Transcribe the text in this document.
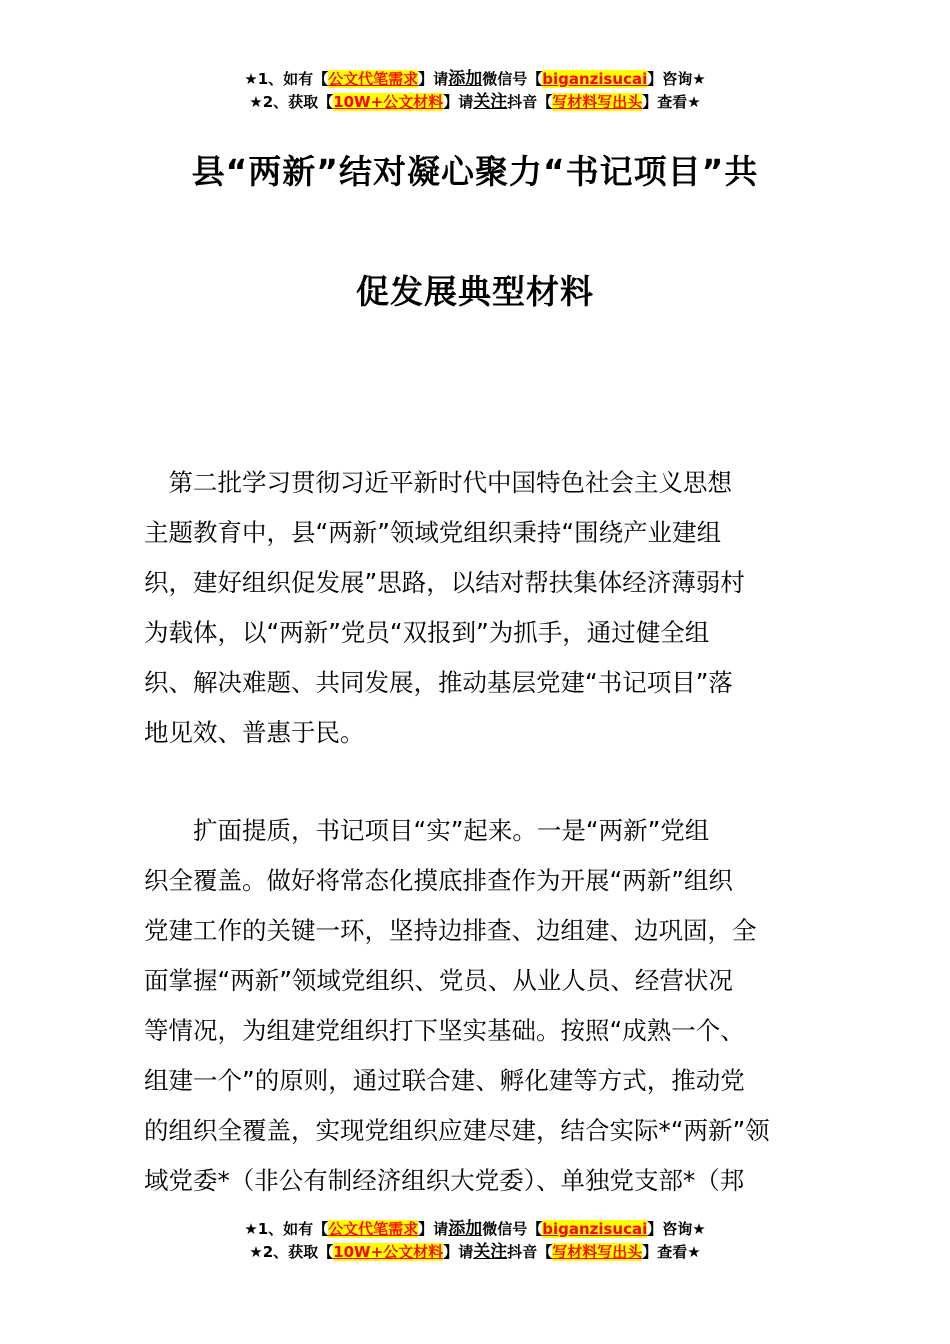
★1、如有【公文代笔需求】请添加微信号【biganzisucai】咨询★
★2、获取【10W+公文材料】请关注抖音【写材料写出头】查看★
县“两新”结对凝心聚力“书记项目”共
促发展典型材料
　第二批学习贯彻习近平新时代中国特色社会主义思想
主题教育中，县“两新”领域党组织秉持“围绕产业建组
织，建好组织促发展”思路，以结对帮扶集体经济薄弱村
为载体，以“两新”党员“双报到”为抓手，通过健全组
织、解决难题、共同发展，推动基层党建“书记项目”落
地见效、普惠于民。
　　扩面提质，书记项目“实”起来。一是“两新”党组
织全覆盖。做好将常态化摸底排查作为开展“两新”组织
党建工作的关键一环，坚持边排查、边组建、边巩固，全
面掌握“两新”领域党组织、党员、从业人员、经营状况
等情况，为组建党组织打下坚实基础。按照“成熟一个、
组建一个”的原则，通过联合建、孵化建等方式，推动党
的组织全覆盖，实现党组织应建尽建，结合实际*“两新”领
域党委*（非公有制经济组织大党委）、单独党支部*（邦
★1、如有【公文代笔需求】请添加微信号【biganzisucai】咨询★
★2、获取【10W+公文材料】请关注抖音【写材料写出头】查看★
